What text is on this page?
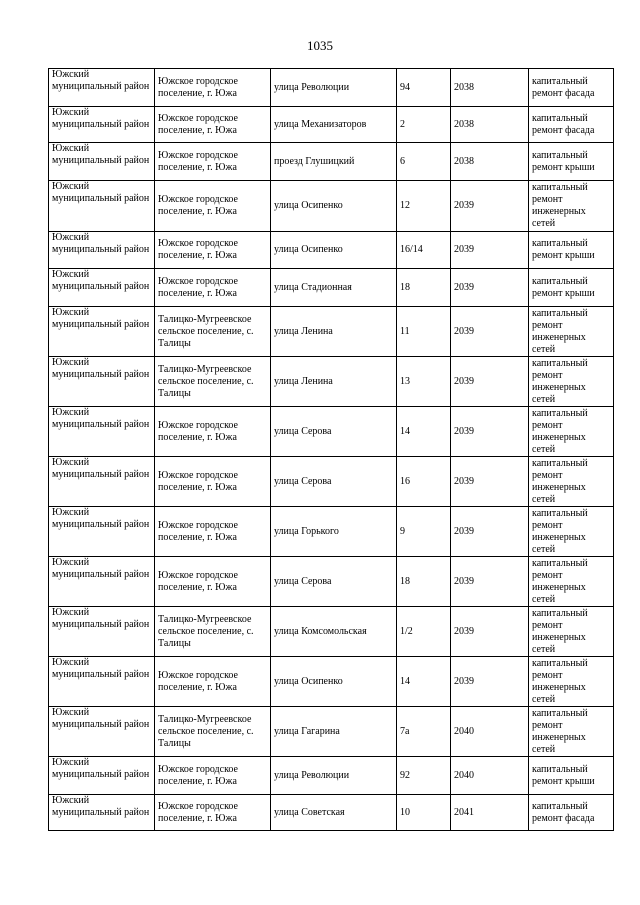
1035
Южский муниципальный район	Южское городское поселение, г. Южа	улица Революции	94	2038	капитальный ремонт фасада
Южский муниципальный район	Южское городское поселение, г. Южа	улица Механизаторов	2	2038	капитальный ремонт фасада
Южский муниципальный район	Южское городское поселение, г. Южа	проезд Глушицкий	6	2038	капитальный ремонт крыши
Южский муниципальный район	Южское городское поселение, г. Южа	улица Осипенко	12	2039	капитальный ремонт инженерных сетей
Южский муниципальный район	Южское городское поселение, г. Южа	улица Осипенко	16/14	2039	капитальный ремонт крыши
Южский муниципальный район	Южское городское поселение, г. Южа	улица Стадионная	18	2039	капитальный ремонт крыши
Южский муниципальный район	Талицко-Мугреевское сельское поселение, с. Талицы	улица Ленина	11	2039	капитальный ремонт инженерных сетей
Южский муниципальный район	Талицко-Мугреевское сельское поселение, с. Талицы	улица Ленина	13	2039	капитальный ремонт инженерных сетей
Южский муниципальный район	Южское городское поселение, г. Южа	улица Серова	14	2039	капитальный ремонт инженерных сетей
Южский муниципальный район	Южское городское поселение, г. Южа	улица Серова	16	2039	капитальный ремонт инженерных сетей
Южский муниципальный район	Южское городское поселение, г. Южа	улица Горького	9	2039	капитальный ремонт инженерных сетей
Южский муниципальный район	Южское городское поселение, г. Южа	улица Серова	18	2039	капитальный ремонт инженерных сетей
Южский муниципальный район	Талицко-Мугреевское сельское поселение, с. Талицы	улица Комсомольская	1/2	2039	капитальный ремонт инженерных сетей
Южский муниципальный район	Южское городское поселение, г. Южа	улица Осипенко	14	2039	капитальный ремонт инженерных сетей
Южский муниципальный район	Талицко-Мугреевское сельское поселение, с. Талицы	улица Гагарина	7а	2040	капитальный ремонт инженерных сетей
Южский муниципальный район	Южское городское поселение, г. Южа	улица Революции	92	2040	капитальный ремонт крыши
Южский муниципальный район	Южское городское поселение, г. Южа	улица Советская	10	2041	капитальный ремонт фасада
